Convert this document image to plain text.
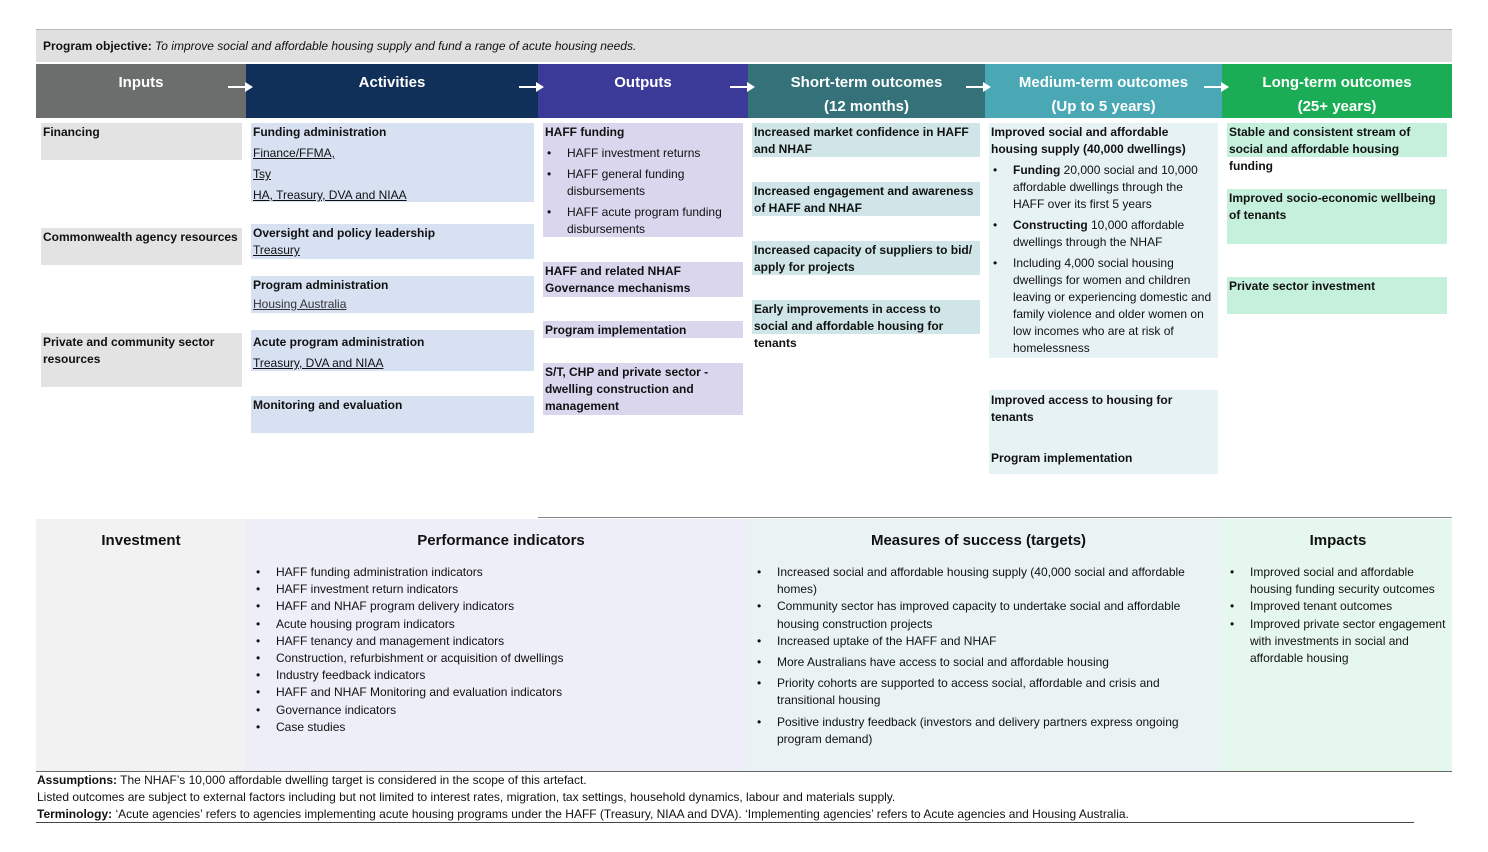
Program objective: To improve social and affordable housing supply and fund a range of acute housing needs.
Inputs	Activities	Outputs	Short-term outcomes
(12 months)
Medium-term outcomes
(Up to 5 years)
Long-term outcomes
(25+ years)
Financing
Commonwealth agency resources
Private and community sector resources
Funding administration
Finance/FFMA,
Tsy
HA, Treasury, DVA and NIAA
Oversight and policy leadership
Treasury
Program administration
Housing Australia
Acute program administration
Treasury, DVA and NIAA
Monitoring and evaluation
HAFF funding
• HAFF investment returns
• HAFF general funding disbursements
• HAFF acute program funding disbursements
HAFF and related NHAF Governance mechanisms
Program implementation
S/T, CHP and private sector - dwelling construction and management
Increased market confidence in HAFF and NHAF
Increased engagement and awareness of HAFF and NHAF
Increased capacity of suppliers to bid/ apply for projects
Early improvements in access to social and affordable housing for tenants
Improved social and affordable housing supply (40,000 dwellings)
• Funding 20,000 social and 10,000 affordable dwellings through the HAFF over its first 5 years
• Constructing 10,000 affordable dwellings through the NHAF
• Including 4,000 social housing dwellings for women and children leaving or experiencing domestic and family violence and older women on low incomes who are at risk of homelessness
Improved access to housing for tenants
Program implementation
Stable and consistent stream of social and affordable housing funding
Improved socio-economic wellbeing of tenants
Private sector investment
Investment	Performance indicators
• HAFF funding administration indicators
• HAFF investment return indicators
• HAFF and NHAF program delivery indicators
• Acute housing program indicators
• HAFF tenancy and management indicators
• Construction, refurbishment or acquisition of dwellings
• Industry feedback indicators
• HAFF and NHAF Monitoring and evaluation indicators
• Governance indicators
• Case studies
Measures of success (targets)
• Increased social and affordable housing supply (40,000 social and affordable homes)
• Community sector has improved capacity to undertake social and affordable housing construction projects
• Increased uptake of the HAFF and NHAF
• More Australians have access to social and affordable housing
• Priority cohorts are supported to access social, affordable and crisis and transitional housing
• Positive industry feedback (investors and delivery partners express ongoing program demand)
Impacts
• Improved social and affordable housing funding security outcomes
• Improved tenant outcomes
• Improved private sector engagement with investments in social and affordable housing
Assumptions: The NHAF’s 10,000 affordable dwelling target is considered in the scope of this artefact.
Listed outcomes are subject to external factors including but not limited to interest rates, migration, tax settings, household dynamics, labour and materials supply.
Terminology: ‘Acute agencies’ refers to agencies implementing acute housing programs under the HAFF (Treasury, NIAA and DVA). ‘Implementing agencies’ refers to Acute agencies and Housing Australia.
